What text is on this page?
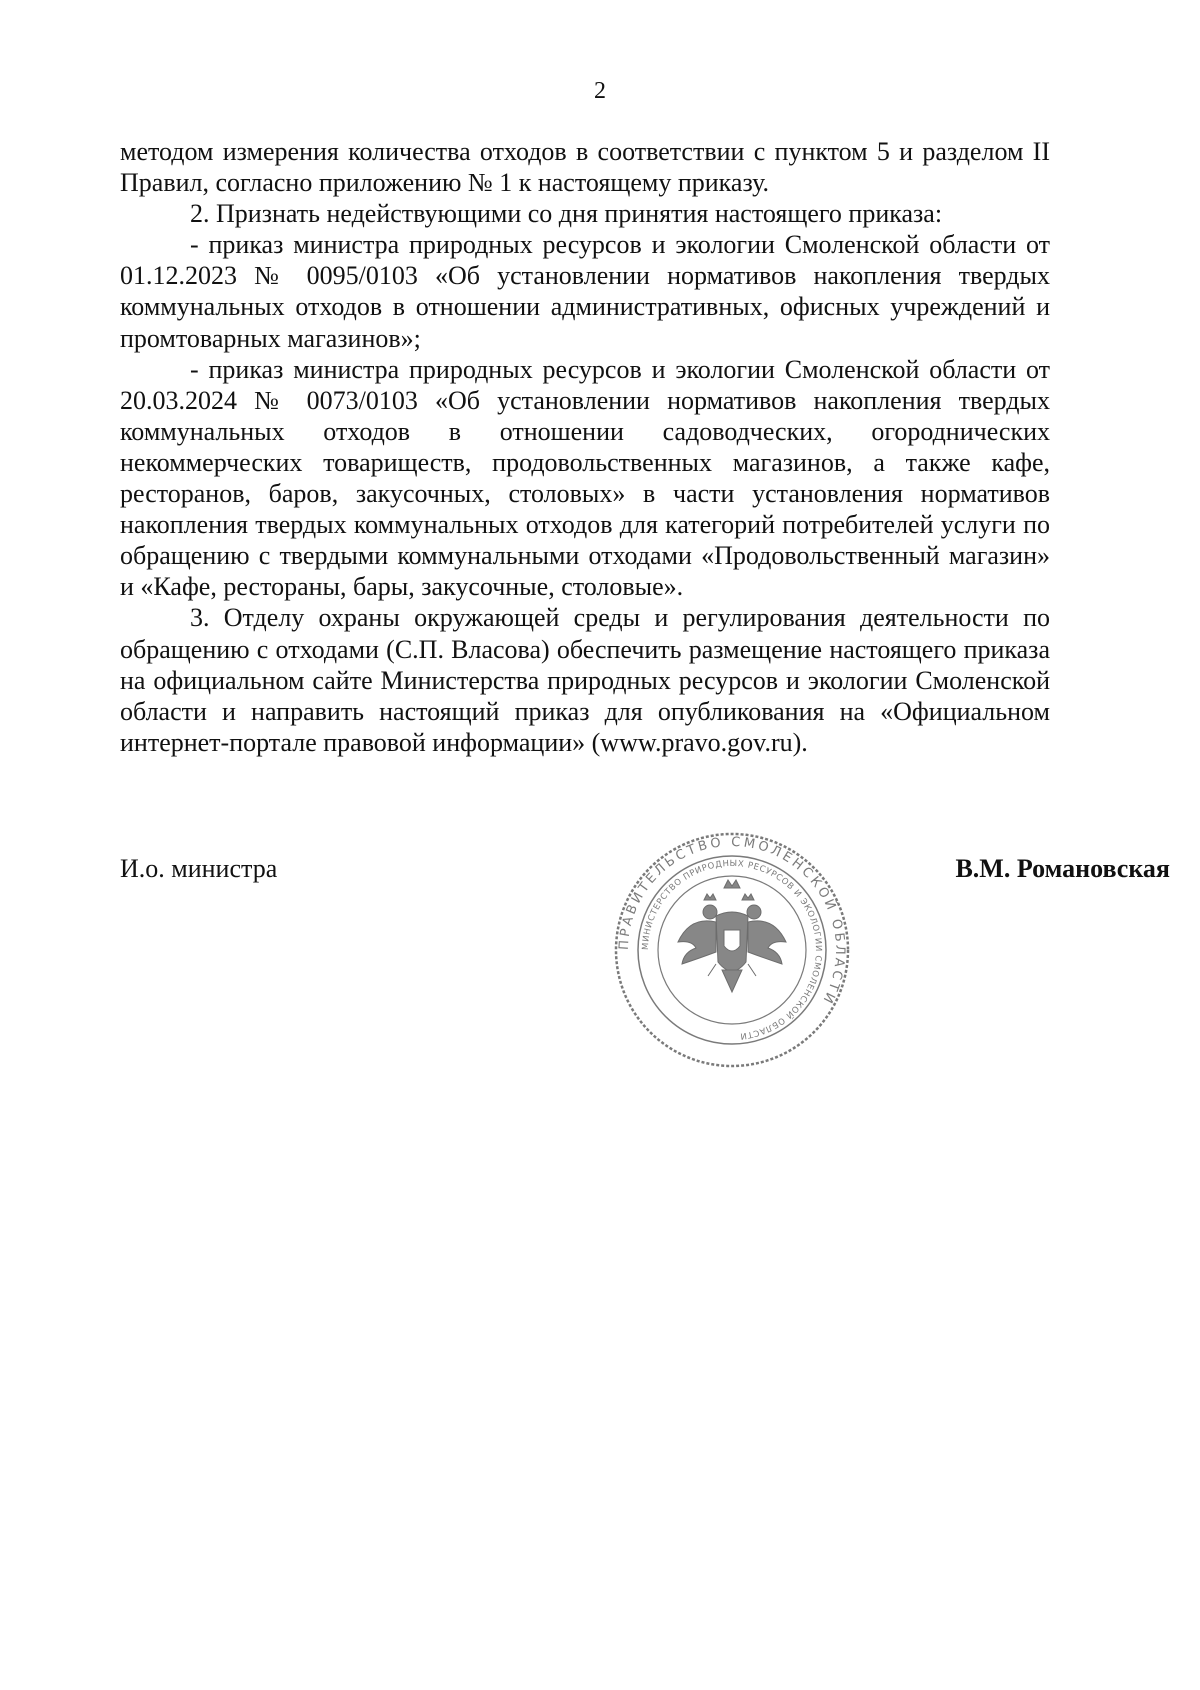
2

методом измерения количества отходов в соответствии с пунктом 5 и разделом II Правил, согласно приложению № 1 к настоящему приказу.

2. Признать недействующими со дня принятия настоящего приказа:

- приказ министра природных ресурсов и экологии Смоленской области от 01.12.2023 № 0095/0103 «Об установлении нормативов накопления твердых коммунальных отходов в отношении административных, офисных учреждений и промтоварных магазинов»;

- приказ министра природных ресурсов и экологии Смоленской области от 20.03.2024 № 0073/0103 «Об установлении нормативов накопления твердых коммунальных отходов в отношении садоводческих, огороднических некоммерческих товариществ, продовольственных магазинов, а также кафе, ресторанов, баров, закусочных, столовых» в части установления нормативов накопления твердых коммунальных отходов для категорий потребителей услуги по обращению с твердыми коммунальными отходами «Продовольственный магазин» и «Кафе, рестораны, бары, закусочные, столовые».

3. Отделу охраны окружающей среды и регулирования деятельности по обращению с отходами (С.П. Власова) обеспечить размещение настоящего приказа на официальном сайте Министерства природных ресурсов и экологии Смоленской области и направить настоящий приказ для опубликования на «Официальном интернет-портале правовой информации» (www.pravo.gov.ru).

И.о. министра	В.М. Романовская
ПРАВИТЕЛЬСТВО СМОЛЕНСКОЙ ОБЛАСТИ
МИНИСТЕРСТВО ПРИРОДНЫХ РЕСУРСОВ И ЭКОЛОГИИ СМОЛЕНСКОЙ ОБЛАСТИ
